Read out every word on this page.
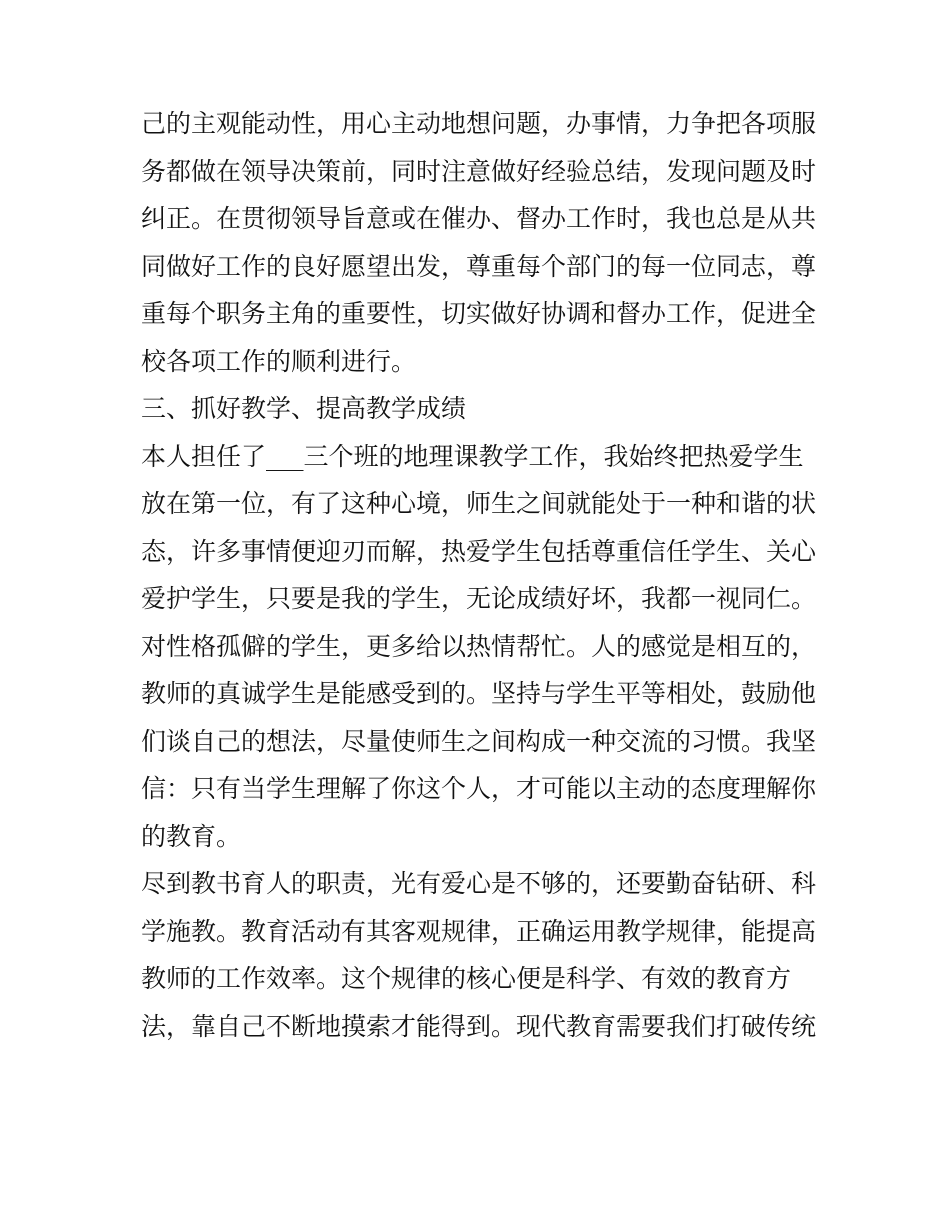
己的主观能动性，用心主动地想问题，办事情，力争把各项服
务都做在领导决策前，同时注意做好经验总结，发现问题及时
纠正。在贯彻领导旨意或在催办、督办工作时，我也总是从共
同做好工作的良好愿望出发，尊重每个部门的每一位同志，尊
重每个职务主角的重要性，切实做好协调和督办工作，促进全
校各项工作的顺利进行。
三、抓好教学、提高教学成绩
本人担任了___三个班的地理课教学工作，我始终把热爱学生
放在第一位，有了这种心境，师生之间就能处于一种和谐的状
态，许多事情便迎刃而解，热爱学生包括尊重信任学生、关心
爱护学生，只要是我的学生，无论成绩好坏，我都一视同仁。
对性格孤僻的学生，更多给以热情帮忙。人的感觉是相互的，
教师的真诚学生是能感受到的。坚持与学生平等相处，鼓励他
们谈自己的想法，尽量使师生之间构成一种交流的习惯。我坚
信：只有当学生理解了你这个人，才可能以主动的态度理解你
的教育。
尽到教书育人的职责，光有爱心是不够的，还要勤奋钻研、科
学施教。教育活动有其客观规律，正确运用教学规律，能提高
教师的工作效率。这个规律的核心便是科学、有效的教育方
法，靠自己不断地摸索才能得到。现代教育需要我们打破传统
